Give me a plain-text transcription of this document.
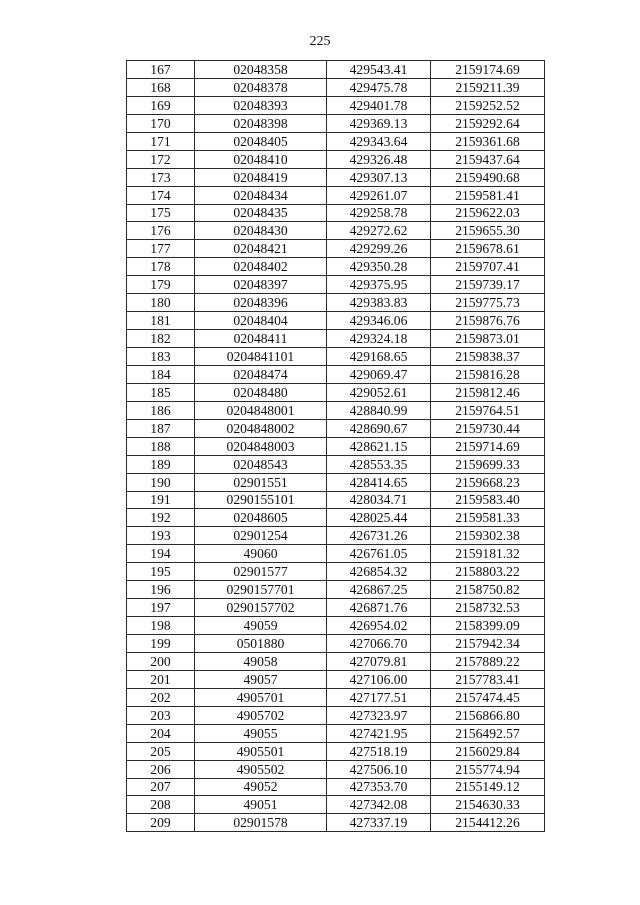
225
167	02048358	429543.41	2159174.69
168	02048378	429475.78	2159211.39
169	02048393	429401.78	2159252.52
170	02048398	429369.13	2159292.64
171	02048405	429343.64	2159361.68
172	02048410	429326.48	2159437.64
173	02048419	429307.13	2159490.68
174	02048434	429261.07	2159581.41
175	02048435	429258.78	2159622.03
176	02048430	429272.62	2159655.30
177	02048421	429299.26	2159678.61
178	02048402	429350.28	2159707.41
179	02048397	429375.95	2159739.17
180	02048396	429383.83	2159775.73
181	02048404	429346.06	2159876.76
182	02048411	429324.18	2159873.01
183	0204841101	429168.65	2159838.37
184	02048474	429069.47	2159816.28
185	02048480	429052.61	2159812.46
186	0204848001	428840.99	2159764.51
187	0204848002	428690.67	2159730.44
188	0204848003	428621.15	2159714.69
189	02048543	428553.35	2159699.33
190	02901551	428414.65	2159668.23
191	0290155101	428034.71	2159583.40
192	02048605	428025.44	2159581.33
193	02901254	426731.26	2159302.38
194	49060	426761.05	2159181.32
195	02901577	426854.32	2158803.22
196	0290157701	426867.25	2158750.82
197	0290157702	426871.76	2158732.53
198	49059	426954.02	2158399.09
199	0501880	427066.70	2157942.34
200	49058	427079.81	2157889.22
201	49057	427106.00	2157783.41
202	4905701	427177.51	2157474.45
203	4905702	427323.97	2156866.80
204	49055	427421.95	2156492.57
205	4905501	427518.19	2156029.84
206	4905502	427506.10	2155774.94
207	49052	427353.70	2155149.12
208	49051	427342.08	2154630.33
209	02901578	427337.19	2154412.26
